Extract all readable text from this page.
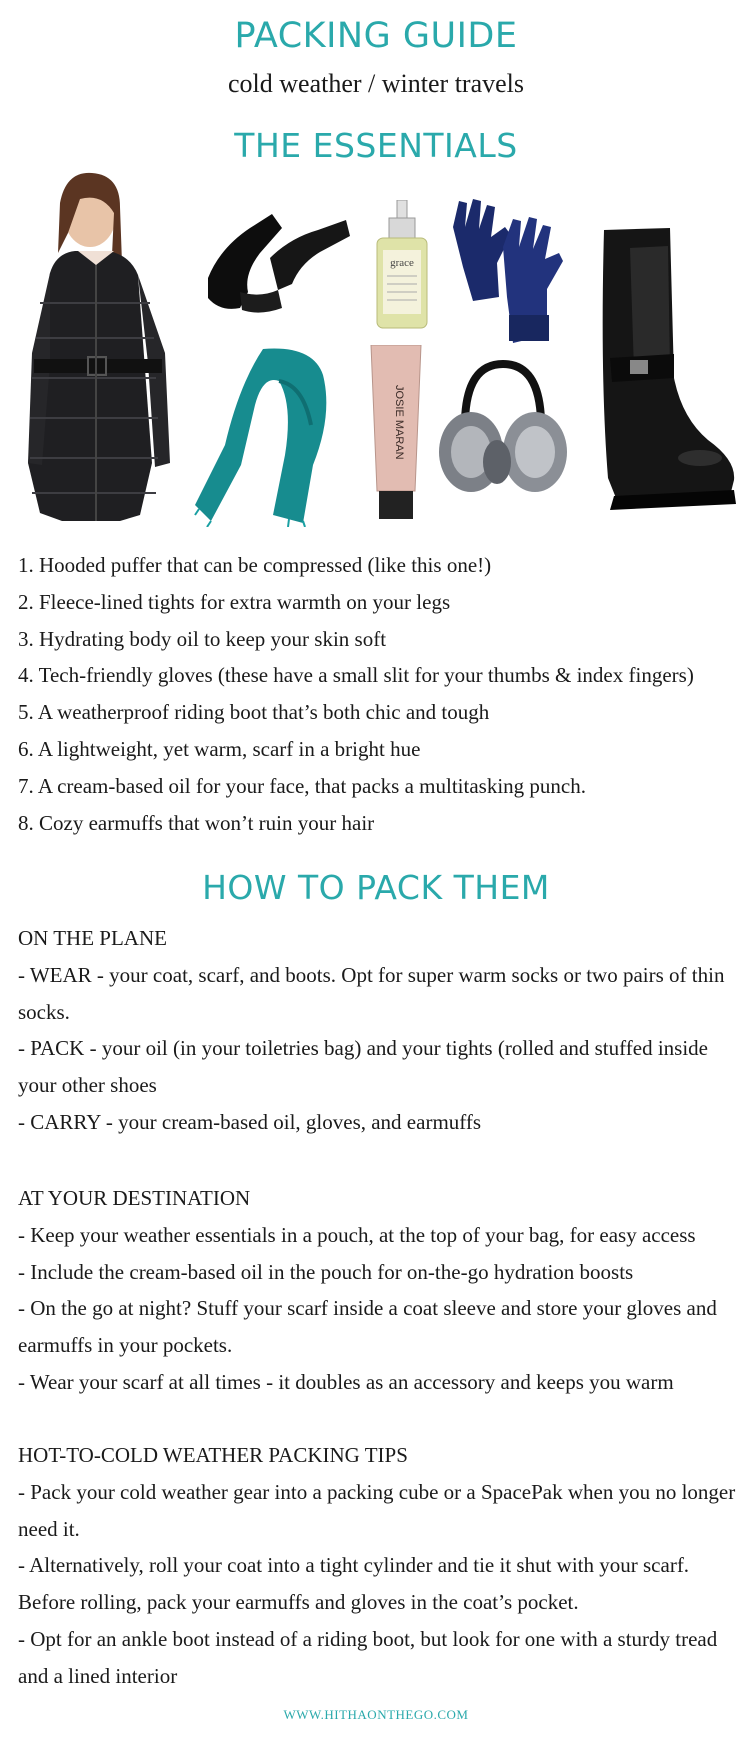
PACKING GUIDE
cold weather / winter travels
THE ESSENTIALS
grace
JOSIE MARAN
1. Hooded puffer that can be compressed (like this one!)
2. Fleece-lined tights for extra warmth on your legs
3. Hydrating body oil to keep your skin soft
4. Tech-friendly gloves (these have a small slit for your thumbs & index fingers)
5. A weatherproof riding boot that’s both chic and tough
6. A lightweight, yet warm, scarf in a bright hue
7. A cream-based oil for your face, that packs a multitasking punch.
8. Cozy earmuffs that won’t ruin your hair
HOW TO PACK THEM
ON THE PLANE

- WEAR - your coat, scarf, and boots. Opt for super warm socks or two pairs of thin socks.

- PACK - your oil (in your toiletries bag) and your tights (rolled and stuffed inside your other shoes

- CARRY - your cream-based oil, gloves, and earmuffs

AT YOUR DESTINATION

- Keep your weather essentials in a pouch, at the top of your bag, for easy access

- Include the cream-based oil in the pouch for on-the-go hydration boosts

- On the go at night? Stuff your scarf inside a coat sleeve and store your gloves and earmuffs in your pockets.

- Wear your scarf at all times - it doubles as an accessory and keeps you warm

HOT-TO-COLD WEATHER PACKING TIPS

- Pack your cold weather gear into a packing cube or a SpacePak when you no longer need it.

- Alternatively, roll your coat into a tight cylinder and tie it shut with your scarf. Before rolling, pack your earmuffs and gloves in the coat’s pocket.

- Opt for an ankle boot instead of a riding boot, but look for one with a sturdy tread and a lined interior

WWW.HITHAONTHEGO.COM
